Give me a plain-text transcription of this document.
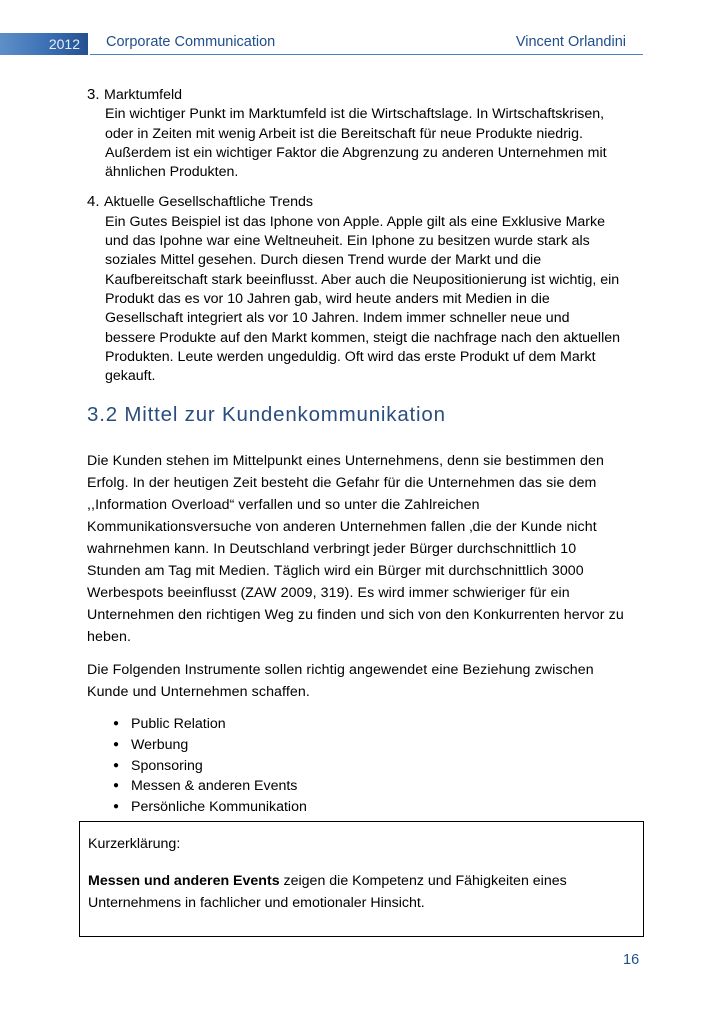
2012	Corporate Communication	Vincent Orlandini
3. Marktumfeld
Ein wichtiger Punkt im Marktumfeld ist die Wirtschaftslage. In Wirtschaftskrisen,
oder in Zeiten mit wenig Arbeit ist die Bereitschaft für neue Produkte niedrig.
Außerdem ist ein wichtiger Faktor die Abgrenzung zu anderen Unternehmen mit
ähnlichen Produkten.
4. Aktuelle Gesellschaftliche Trends
Ein Gutes Beispiel ist das Iphone von Apple. Apple gilt als eine Exklusive Marke
und das Ipohne war eine Weltneuheit. Ein Iphone zu besitzen wurde stark als
soziales Mittel gesehen. Durch diesen Trend wurde der Markt und die
Kaufbereitschaft stark beeinflusst. Aber auch die Neupositionierung ist wichtig, ein
Produkt das es vor 10 Jahren gab, wird heute anders mit Medien in die
Gesellschaft integriert als vor 10 Jahren. Indem immer schneller neue und
bessere Produkte auf den Markt kommen, steigt die nachfrage nach den aktuellen
Produkten. Leute werden ungeduldig. Oft wird das erste Produkt uf dem Markt
gekauft.
3.2 Mittel zur Kundenkommunikation
Die Kunden stehen im Mittelpunkt eines Unternehmens, denn sie bestimmen den
Erfolg. In der heutigen Zeit besteht die Gefahr für die Unternehmen das sie dem
,,Information Overload“ verfallen und so unter die Zahlreichen
Kommunikationsversuche von anderen Unternehmen fallen ‚die der Kunde nicht
wahrnehmen kann. In Deutschland verbringt jeder Bürger durchschnittlich 10
Stunden am Tag mit Medien. Täglich wird ein Bürger mit durchschnittlich 3000
Werbespots beeinflusst (ZAW 2009, 319). Es wird immer schwieriger für ein
Unternehmen den richtigen Weg zu finden und sich von den Konkurrenten hervor zu
heben.
Die Folgenden Instrumente sollen richtig angewendet eine Beziehung zwischen
Kunde und Unternehmen schaffen.
● Public Relation
● Werbung
● Sponsoring
● Messen & anderen Events
● Persönliche Kommunikation
Kurzerklärung:
Messen und anderen Events zeigen die Kompetenz und Fähigkeiten eines
Unternehmens in fachlicher und emotionaler Hinsicht.
16
